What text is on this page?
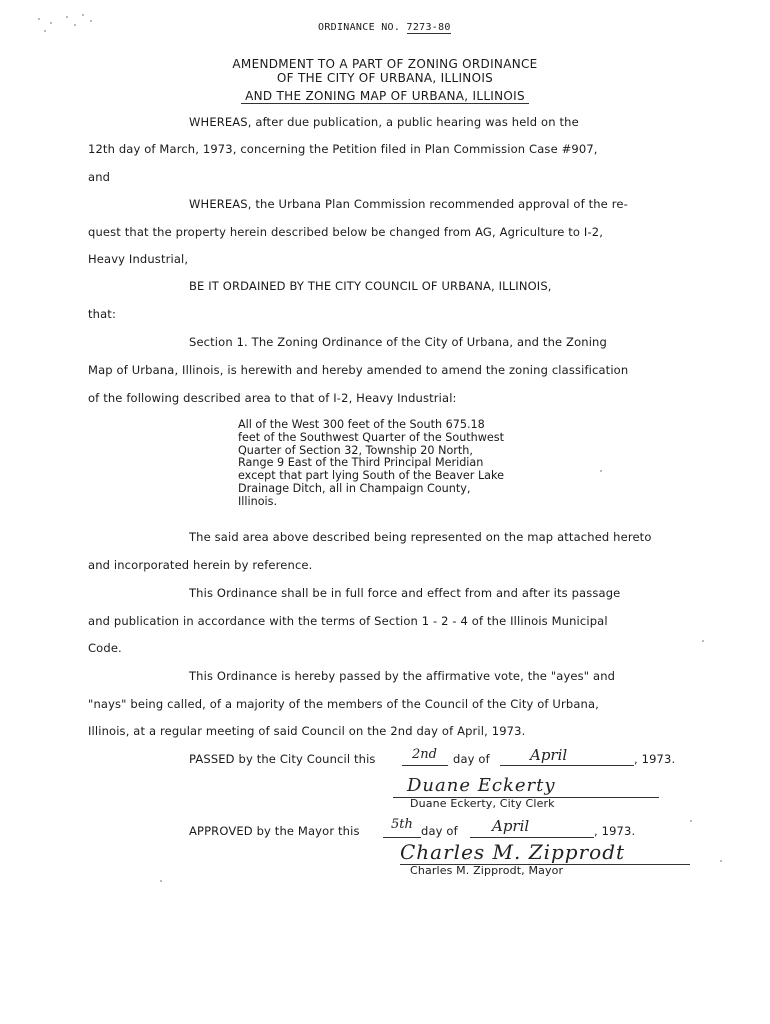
ORDINANCE NO. 7273-80
AMENDMENT TO A PART OF ZONING ORDINANCE
OF THE CITY OF URBANA, ILLINOIS
AND THE ZONING MAP OF URBANA, ILLINOIS
WHEREAS, after due publication, a public hearing was held on the
12th day of March, 1973, concerning the Petition filed in Plan Commission Case #907,
and
WHEREAS, the Urbana Plan Commission recommended approval of the re-
quest that the property herein described below be changed from AG, Agriculture to I-2,
Heavy Industrial,
BE IT ORDAINED BY THE CITY COUNCIL OF URBANA, ILLINOIS,
that:
Section 1. The Zoning Ordinance of the City of Urbana, and the Zoning
Map of Urbana, Illinois, is herewith and hereby amended to amend the zoning classification
of the following described area to that of I-2, Heavy Industrial:
All of the West 300 feet of the South 675.18
feet of the Southwest Quarter of the Southwest
Quarter of Section 32, Township 20 North,
Range 9 East of the Third Principal Meridian
except that part lying South of the Beaver Lake
Drainage Ditch, all in Champaign County,
Illinois.
The said area above described being represented on the map attached hereto
and incorporated herein by reference.
This Ordinance shall be in full force and effect from and after its passage
and publication in accordance with the terms of Section 1 - 2 - 4 of the Illinois Municipal
Code.
This Ordinance is hereby passed by the affirmative vote, the "ayes" and
"nays" being called, of a majority of the members of the Council of the City of Urbana,
Illinois, at a regular meeting of said Council on the 2nd day of April, 1973.
PASSED by the City Council this	2nd day of	April	, 1973.
Duane Eckerty
Duane Eckerty, City Clerk
APPROVED by the Mayor this 5th day of April	, 1973.
Charles M. Zipprodt
Charles M. Zipprodt, Mayor
